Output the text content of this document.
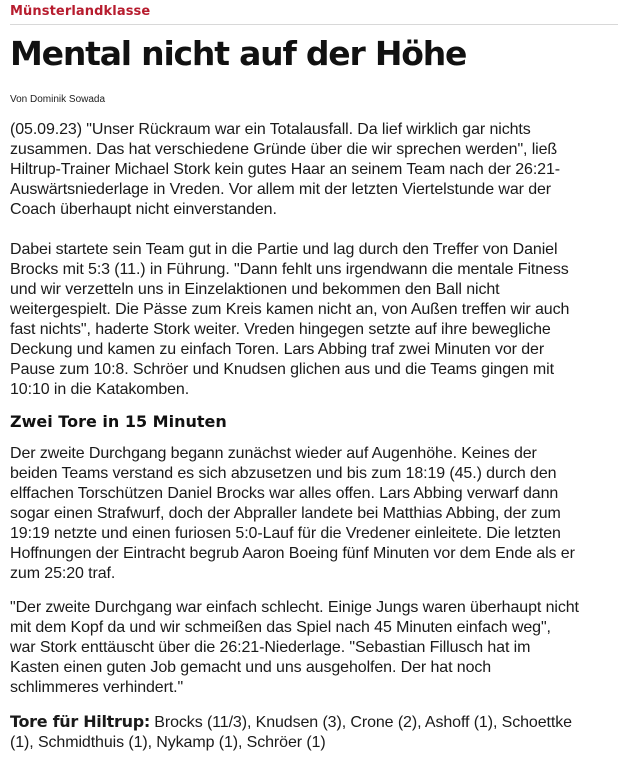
Münsterlandklasse
Mental nicht auf der Höhe
Von Dominik Sowada

(05.09.23) "Unser Rückraum war ein Totalausfall. Da lief wirklich gar nichts
zusammen. Das hat verschiedene Gründe über die wir sprechen werden", ließ
Hiltrup-Trainer Michael Stork kein gutes Haar an seinem Team nach der 26:21-
Auswärtsniederlage in Vreden. Vor allem mit der letzten Viertelstunde war der
Coach überhaupt nicht einverstanden.

Dabei startete sein Team gut in die Partie und lag durch den Treffer von Daniel
Brocks mit 5:3 (11.) in Führung. "Dann fehlt uns irgendwann die mentale Fitness
und wir verzetteln uns in Einzelaktionen und bekommen den Ball nicht
weitergespielt. Die Pässe zum Kreis kamen nicht an, von Außen treffen wir auch
fast nichts", haderte Stork weiter. Vreden hingegen setzte auf ihre bewegliche
Deckung und kamen zu einfach Toren. Lars Abbing traf zwei Minuten vor der
Pause zum 10:8. Schröer und Knudsen glichen aus und die Teams gingen mit
10:10 in die Katakomben.

Zwei Tore in 15 Minuten

Der zweite Durchgang begann zunächst wieder auf Augenhöhe. Keines der
beiden Teams verstand es sich abzusetzen und bis zum 18:19 (45.) durch den
elffachen Torschützen Daniel Brocks war alles offen. Lars Abbing verwarf dann
sogar einen Strafwurf, doch der Abpraller landete bei Matthias Abbing, der zum
19:19 netzte und einen furiosen 5:0-Lauf für die Vredener einleitete. Die letzten
Hoffnungen der Eintracht begrub Aaron Boeing fünf Minuten vor dem Ende als er
zum 25:20 traf.

"Der zweite Durchgang war einfach schlecht. Einige Jungs waren überhaupt nicht
mit dem Kopf da und wir schmeißen das Spiel nach 45 Minuten einfach weg",
war Stork enttäuscht über die 26:21-Niederlage. "Sebastian Fillusch hat im
Kasten einen guten Job gemacht und uns ausgeholfen. Der hat noch
schlimmeres verhindert."

Tore für Hiltrup: Brocks (11/3), Knudsen (3), Crone (2), Ashoff (1), Schoettke
(1), Schmidthuis (1), Nykamp (1), Schröer (1)
